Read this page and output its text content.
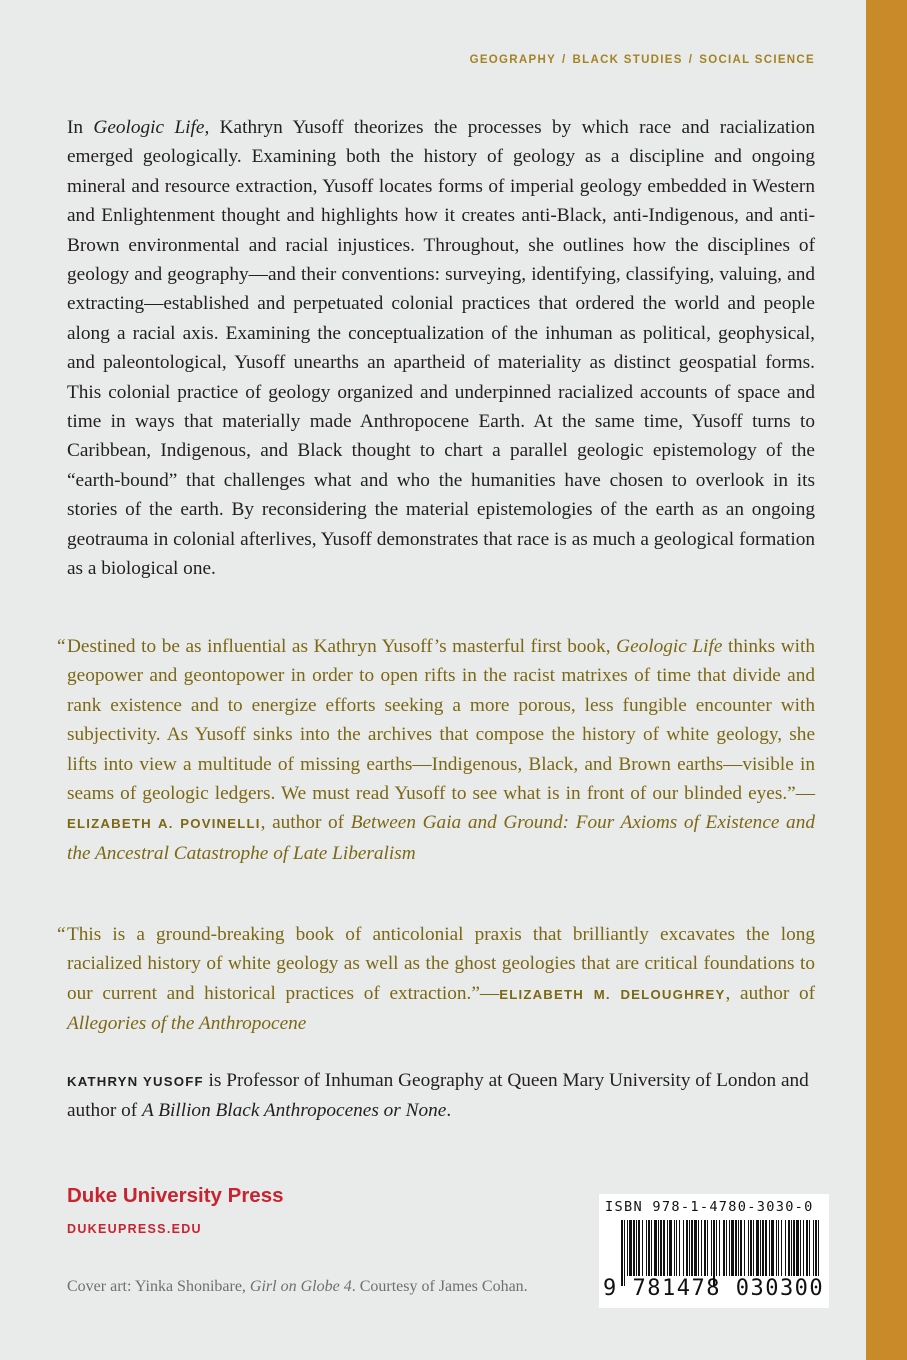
GEOGRAPHY / BLACK STUDIES / SOCIAL SCIENCE

In Geologic Life, Kathryn Yusoff theorizes the processes by which race and racialization emerged geologically. Examining both the history of geology as a discipline and ongoing mineral and resource extraction, Yusoff locates forms of imperial geology embedded in Western and Enlightenment thought and highlights how it creates anti-Black, anti-Indigenous, and anti-Brown environmental and racial injustices. Throughout, she outlines how the disciplines of geology and geography—and their conventions: surveying, identifying, classifying, valuing, and extracting—established and perpetuated colonial practices that ordered the world and people along a racial axis. Examining the conceptualization of the inhuman as political, geophysical, and paleontological, Yusoff unearths an apartheid of materiality as distinct geospatial forms. This colonial practice of geology organized and underpinned racialized accounts of space and time in ways that materially made Anthropocene Earth. At the same time, Yusoff turns to Caribbean, Indigenous, and Black thought to chart a parallel geologic epistemology of the “earth-bound” that challenges what and who the humanities have chosen to overlook in its stories of the earth. By reconsidering the material epistemologies of the earth as an ongoing geotrauma in colonial afterlives, Yusoff demonstrates that race is as much a geological formation as a biological one.

“ Destined to be as influential as Kathryn Yusoff’s masterful first book, Geologic Life thinks with geopower and geontopower in order to open rifts in the racist matrixes of time that divide and rank existence and to energize efforts seeking a more porous, less fungible encounter with subjectivity. As Yusoff sinks into the archives that compose the history of white geology, she lifts into view a multitude of missing earths—Indigenous, Black, and Brown earths—visible in seams of geologic ledgers. We must read Yusoff to see what is in front of our blinded eyes.”—ELIZABETH A. POVINELLI, author of Between Gaia and Ground: Four Axioms of Existence and the Ancestral Catastrophe of Late Liberalism

“ This is a ground-breaking book of anticolonial praxis that brilliantly excavates the long racialized history of white geology as well as the ghost geologies that are critical foundations to our current and historical practices of extraction.”—ELIZABETH M. DELOUGHREY, author of Allegories of the Anthropocene

KATHRYN YUSOFF is Professor of Inhuman Geography at Queen Mary University of London and author of A Billion Black Anthropocenes or None.

Duke University Press
DUKEUPRESS.EDU
Cover art: Yinka Shonibare, Girl on Globe 4. Courtesy of James Cohan.
ISBN 978-1-4780-3030-0
9 781478 030300
